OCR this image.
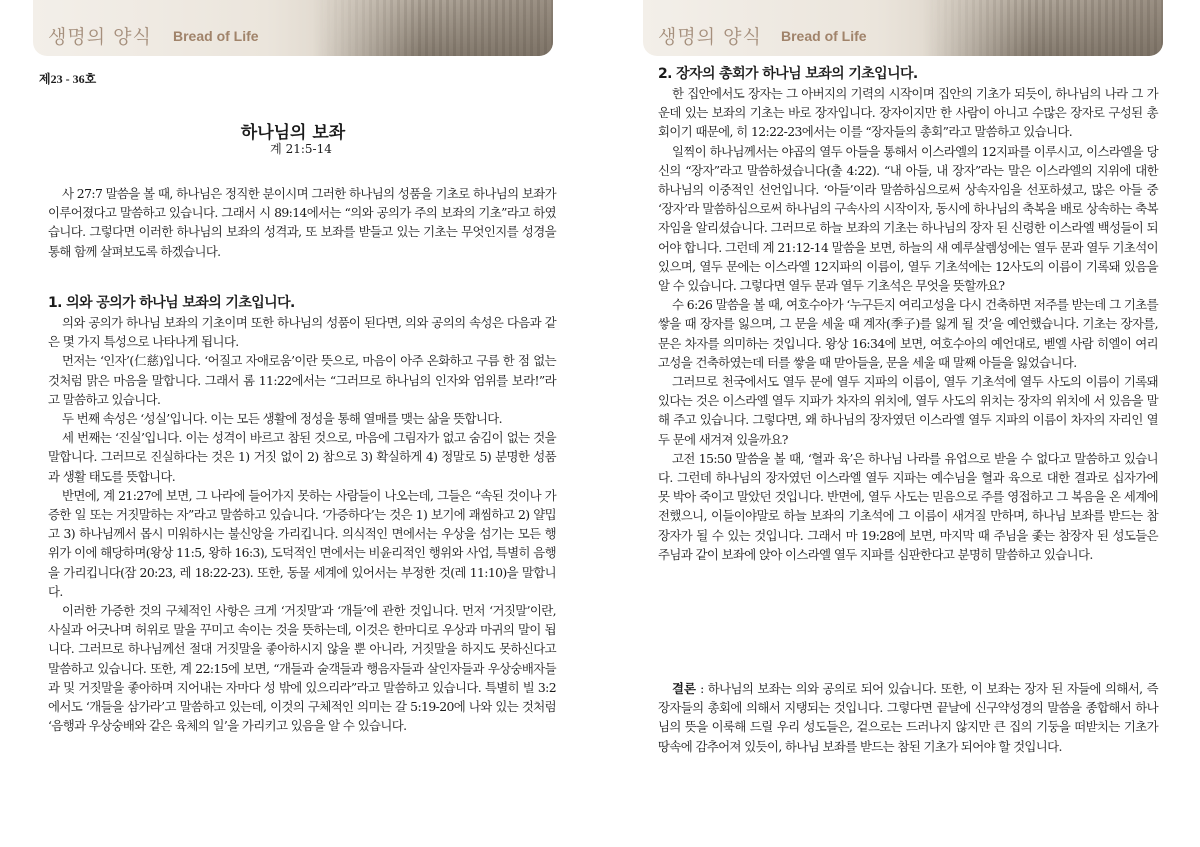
생명의 양식 Bread of Life
제23 - 36호
하나님의 보좌
계 21:5-14

사 27:7 말씀을 볼 때, 하나님은 정직한 분이시며 그러한 하나님의 성품을 기초로 하나님의 보좌가 이루어졌다고 말씀하고 있습니다. 그래서 시 89:14에서는 “의와 공의가 주의 보좌의 기초”라고 하였습니다. 그렇다면 이러한 하나님의 보좌의 성격과, 또 보좌를 받들고 있는 기초는 무엇인지를 성경을 통해 함께 살펴보도록 하겠습니다.

1. 의와 공의가 하나님 보좌의 기초입니다.

의와 공의가 하나님 보좌의 기초이며 또한 하나님의 성품이 된다면, 의와 공의의 속성은 다음과 같은 몇 가지 특성으로 나타나게 됩니다.

먼저는 ‘인자’(仁慈)입니다. ‘어질고 자애로움’이란 뜻으로, 마음이 아주 온화하고 구름 한 점 없는 것처럼 맑은 마음을 말합니다. 그래서 롬 11:22에서는 “그러므로 하나님의 인자와 엄위를 보라!”라고 말씀하고 있습니다.

두 번째 속성은 ‘성실’입니다. 이는 모든 생활에 정성을 통해 열매를 맺는 삶을 뜻합니다.

세 번째는 ‘진실’입니다. 이는 성격이 바르고 참된 것으로, 마음에 그림자가 없고 숨김이 없는 것을 말합니다. 그러므로 진실하다는 것은 1) 거짓 없이 2) 참으로 3) 확실하게 4) 정말로 5) 분명한 성품과 생활 태도를 뜻합니다.

반면에, 계 21:27에 보면, 그 나라에 들어가지 못하는 사람들이 나오는데, 그들은 “속된 것이나 가증한 일 또는 거짓말하는 자”라고 말씀하고 있습니다. ‘가증하다’는 것은 1) 보기에 괘씸하고 2) 얄밉고 3) 하나님께서 몹시 미워하시는 불신앙을 가리킵니다. 의식적인 면에서는 우상을 섬기는 모든 행위가 이에 해당하며(왕상 11:5, 왕하 16:3), 도덕적인 면에서는 비윤리적인 행위와 사업, 특별히 음행을 가리킵니다(잠 20:23, 레 18:22-23). 또한, 동물 세계에 있어서는 부정한 것(레 11:10)을 말합니다.

이러한 가증한 것의 구체적인 사항은 크게 ‘거짓말’과 ‘개들’에 관한 것입니다. 먼저 ‘거짓말’이란, 사실과 어긋나며 허위로 말을 꾸미고 속이는 것을 뜻하는데, 이것은 한마디로 우상과 마귀의 말이 됩니다. 그러므로 하나님께선 절대 거짓말을 좋아하시지 않을 뿐 아니라, 거짓말을 하지도 못하신다고 말씀하고 있습니다. 또한, 계 22:15에 보면, “개들과 술객들과 행음자들과 살인자들과 우상숭배자들과 및 거짓말을 좋아하며 지어내는 자마다 성 밖에 있으리라”라고 말씀하고 있습니다. 특별히 빌 3:2에서도 ‘개들을 삼가라’고 말씀하고 있는데, 이것의 구체적인 의미는 갈 5:19-20에 나와 있는 것처럼 ‘음행과 우상숭배와 같은 육체의 일’을 가리키고 있음을 알 수 있습니다.

생명의 양식 Bread of Life
2. 장자의 총회가 하나님 보좌의 기초입니다.

한 집안에서도 장자는 그 아버지의 기력의 시작이며 집안의 기초가 되듯이, 하나님의 나라 그 가운데 있는 보좌의 기초는 바로 장자입니다. 장자이지만 한 사람이 아니고 수많은 장자로 구성된 총회이기 때문에, 히 12:22-23에서는 이를 “장자들의 총회”라고 말씀하고 있습니다.

일찍이 하나님께서는 야곱의 열두 아들을 통해서 이스라엘의 12지파를 이루시고, 이스라엘을 당신의 “장자”라고 말씀하셨습니다(출 4:22). “내 아들, 내 장자”라는 말은 이스라엘의 지위에 대한 하나님의 이중적인 선언입니다. ‘아들’이라 말씀하심으로써 상속자임을 선포하셨고, 많은 아들 중 ‘장자’라 말씀하심으로써 하나님의 구속사의 시작이자, 동시에 하나님의 축복을 배로 상속하는 축복자임을 알리셨습니다. 그러므로 하늘 보좌의 기초는 하나님의 장자 된 신령한 이스라엘 백성들이 되어야 합니다. 그런데 계 21:12-14 말씀을 보면, 하늘의 새 예루살렘성에는 열두 문과 열두 기초석이 있으며, 열두 문에는 이스라엘 12지파의 이름이, 열두 기초석에는 12사도의 이름이 기록돼 있음을 알 수 있습니다. 그렇다면 열두 문과 열두 기초석은 무엇을 뜻할까요?

수 6:26 말씀을 볼 때, 여호수아가 ‘누구든지 여리고성을 다시 건축하면 저주를 받는데 그 기초를 쌓을 때 장자를 잃으며, 그 문을 세울 때 계자(季子)를 잃게 될 것’을 예언했습니다. 기초는 장자를, 문은 차자를 의미하는 것입니다. 왕상 16:34에 보면, 여호수아의 예언대로, 벧엘 사람 히엘이 여리고성을 건축하였는데 터를 쌓을 때 맏아들을, 문을 세울 때 말째 아들을 잃었습니다.

그러므로 천국에서도 열두 문에 열두 지파의 이름이, 열두 기초석에 열두 사도의 이름이 기록돼 있다는 것은 이스라엘 열두 지파가 차자의 위치에, 열두 사도의 위치는 장자의 위치에 서 있음을 말해 주고 있습니다. 그렇다면, 왜 하나님의 장자였던 이스라엘 열두 지파의 이름이 차자의 자리인 열두 문에 새겨져 있을까요?

고전 15:50 말씀을 볼 때, ‘혈과 육’은 하나님 나라를 유업으로 받을 수 없다고 말씀하고 있습니다. 그런데 하나님의 장자였던 이스라엘 열두 지파는 예수님을 혈과 육으로 대한 결과로 십자가에 못 박아 죽이고 말았던 것입니다. 반면에, 열두 사도는 믿음으로 주를 영접하고 그 복음을 온 세계에 전했으니, 이들이야말로 하늘 보좌의 기초석에 그 이름이 새겨질 만하며, 하나님 보좌를 받드는 참장자가 될 수 있는 것입니다. 그래서 마 19:28에 보면, 마지막 때 주님을 좇는 참장자 된 성도들은 주님과 같이 보좌에 앉아 이스라엘 열두 지파를 심판한다고 분명히 말씀하고 있습니다.

결론 : 하나님의 보좌는 의와 공의로 되어 있습니다. 또한, 이 보좌는 장자 된 자들에 의해서, 즉 장자들의 총회에 의해서 지탱되는 것입니다. 그렇다면 끝날에 신구약성경의 말씀을 종합해서 하나님의 뜻을 이룩해 드릴 우리 성도들은, 겉으로는 드러나지 않지만 큰 집의 기둥을 떠받치는 기초가 땅속에 감추어져 있듯이, 하나님 보좌를 받드는 참된 기초가 되어야 할 것입니다.
